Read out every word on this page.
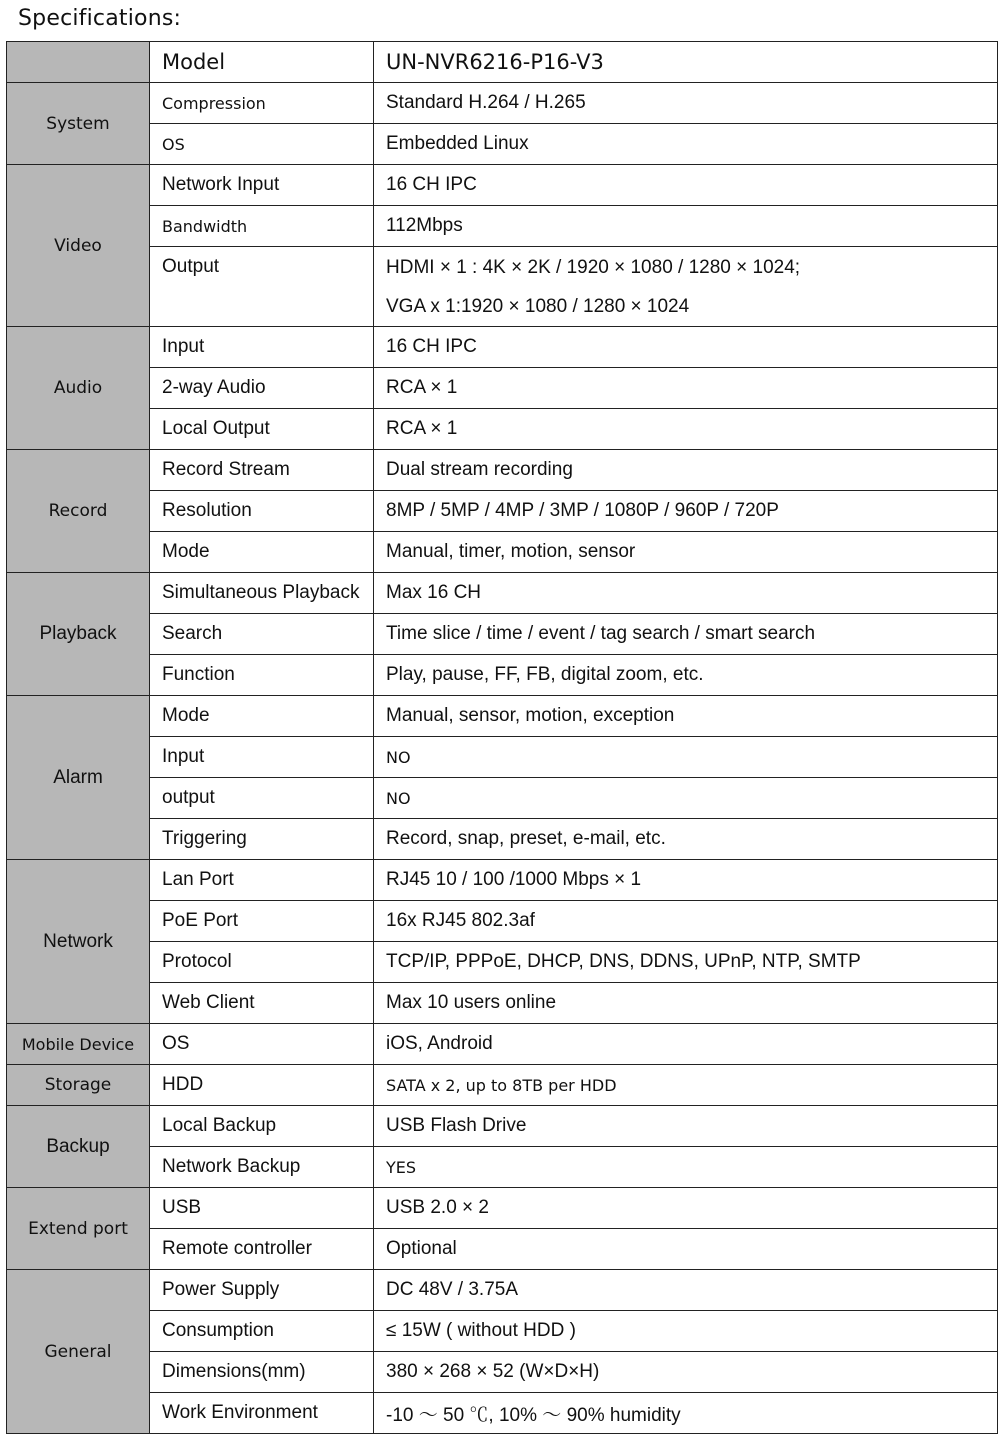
Specifications:
	Model	UN-NVR6216-P16-V3
System	Compression	Standard H.264 / H.265
	OS	Embedded Linux
Video	Network Input	16 CH IPC
	Bandwidth	112Mbps
	Output	HDMI × 1 : 4K × 2K / 1920 × 1080 / 1280 × 1024;
VGA x 1:1920 × 1080 / 1280 × 1024

Audio	Input	16 CH IPC
	2-way Audio	RCA × 1
	Local Output	RCA × 1
Record	Record Stream	Dual stream recording
	Resolution	8MP / 5MP / 4MP / 3MP / 1080P / 960P / 720P
	Mode	Manual, timer, motion, sensor
Playback	Simultaneous Playback	Max 16 CH
	Search	Time slice / time / event / tag search / smart search
	Function	Play, pause, FF, FB, digital zoom, etc.
Alarm	Mode	Manual, sensor, motion, exception
	Input	NO
	output	NO
	Triggering	Record, snap, preset, e-mail, etc.
Network	Lan Port	RJ45 10 / 100 /1000 Mbps × 1
	PoE Port	16x RJ45 802.3af
	Protocol	TCP/IP, PPPoE, DHCP, DNS, DDNS, UPnP, NTP, SMTP
	Web Client	Max 10 users online
Mobile Device	OS	iOS, Android
Storage	HDD	SATA x 2, up to 8TB per HDD
Backup	Local Backup	USB Flash Drive
	Network Backup	YES
Extend port	USB	USB 2.0 × 2
	Remote controller	Optional
General	Power Supply	DC 48V / 3.75A
	Consumption	≤ 15W ( without HDD )
	Dimensions(mm)	380 × 268 × 52 (W×D×H)
	Work Environment	-10 ～ 50 ℃, 10% ～ 90% humidity
